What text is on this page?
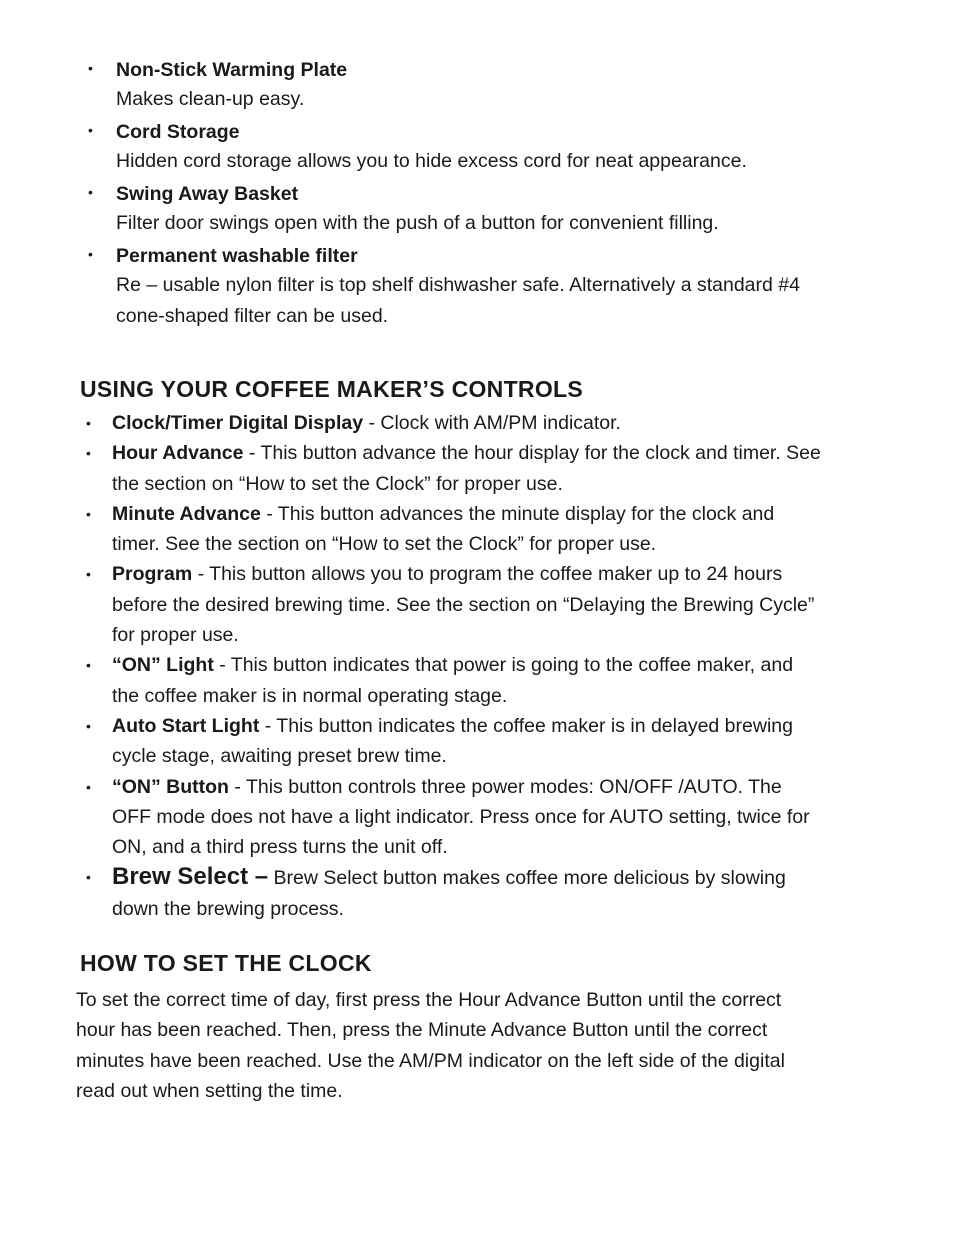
• Non-Stick Warming Plate
Makes clean-up easy.
• Cord Storage
Hidden cord storage allows you to hide excess cord for neat appearance.
• Swing Away Basket
Filter door swings open with the push of a button for convenient filling.
• Permanent washable filter
Re – usable nylon filter is top shelf dishwasher safe. Alternatively a standard #4 cone-shaped filter can be used.
USING YOUR COFFEE MAKER’S CONTROLS
• Clock/Timer Digital Display - Clock with AM/PM indicator.
• Hour Advance - This button advance the hour display for the clock and timer. See the section on “How to set the Clock” for proper use.
• Minute Advance - This button advances the minute display for the clock and timer. See the section on “How to set the Clock” for proper use.
• Program - This button allows you to program the coffee maker up to 24 hours before the desired brewing time. See the section on “Delaying the Brewing Cycle” for proper use.
• “ON” Light - This button indicates that power is going to the coffee maker, and the coffee maker is in normal operating stage.
• Auto Start Light - This button indicates the coffee maker is in delayed brewing cycle stage, awaiting preset brew time.
• “ON” Button - This button controls three power modes: ON/OFF /AUTO. The OFF mode does not have a light indicator. Press once for AUTO setting, twice for ON, and a third press turns the unit off.
• Brew Select – Brew Select button makes coffee more delicious by slowing down the brewing process.
HOW TO SET THE CLOCK

To set the correct time of day, first press the Hour Advance Button until the correct hour has been reached. Then, press the Minute Advance Button until the correct minutes have been reached. Use the AM/PM indicator on the left side of the digital read out when setting the time.
